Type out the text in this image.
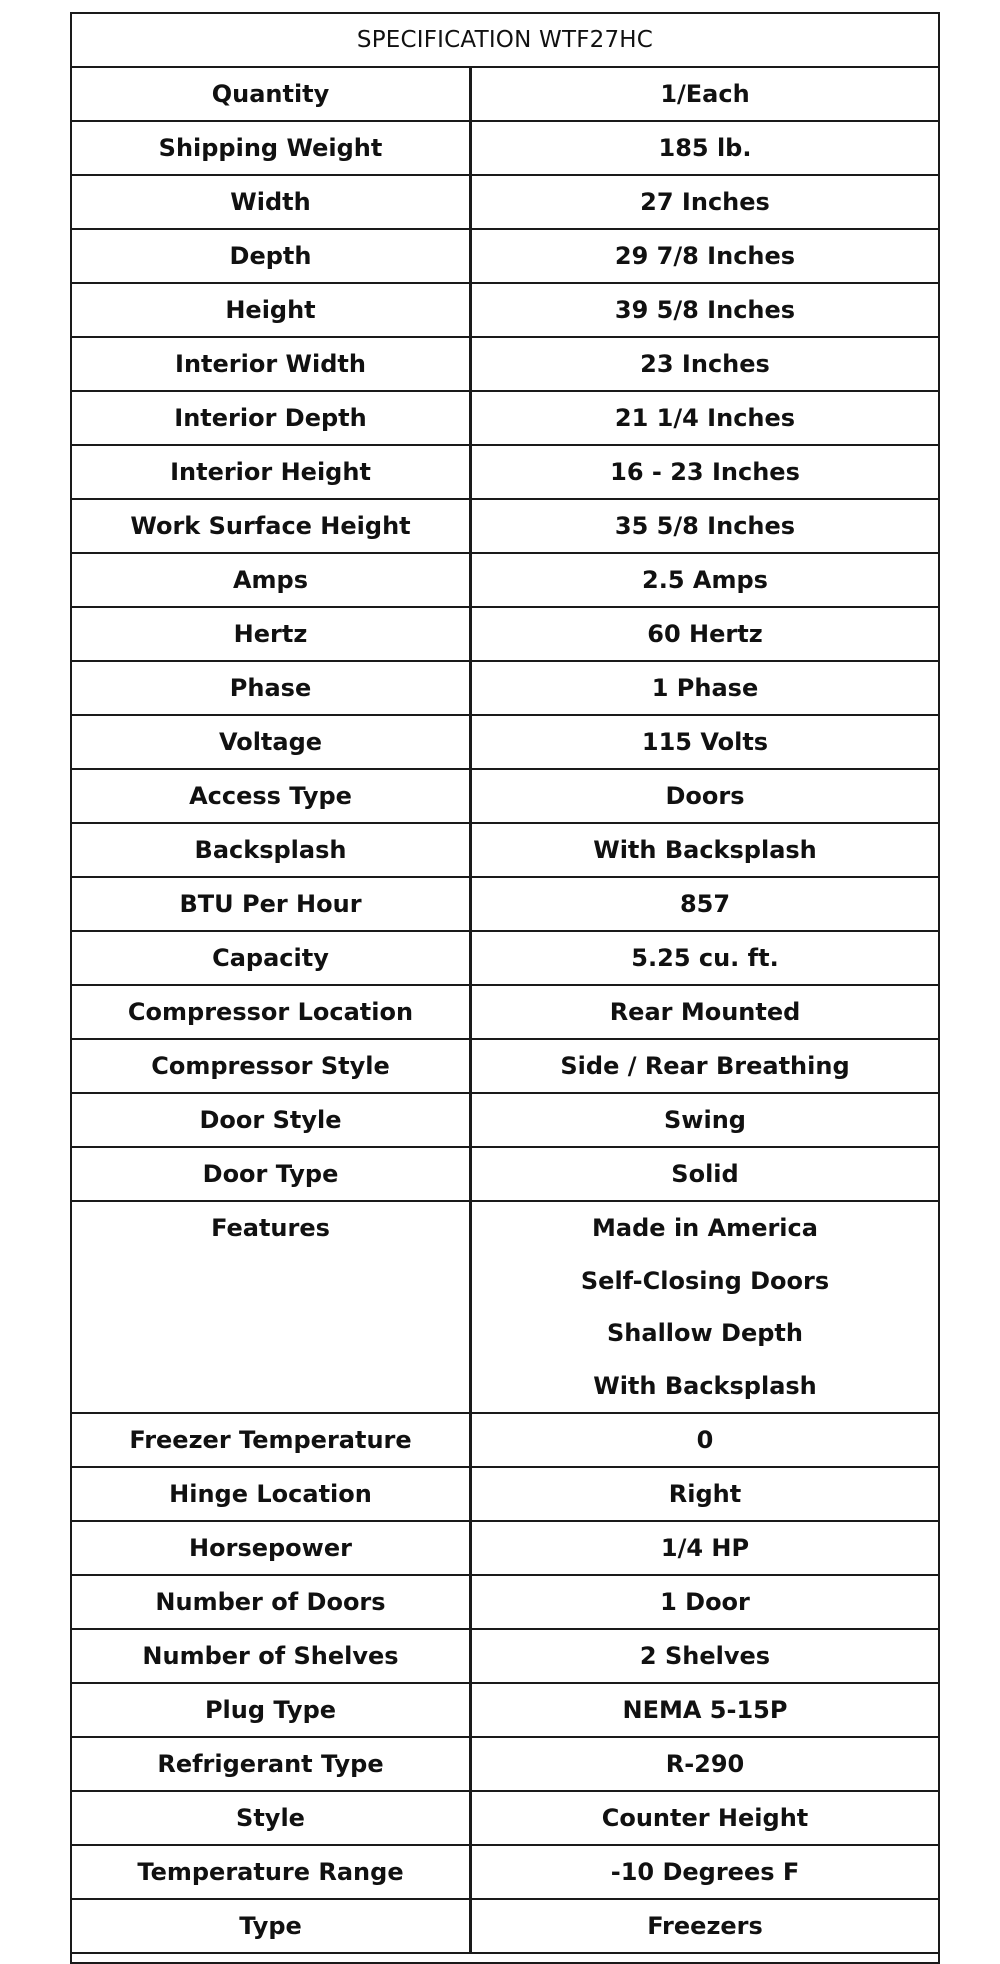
SPECIFICATION WTF27HC
Quantity	1/Each
Shipping Weight	185 lb.
Width	27 Inches
Depth	29 7/8 Inches
Height	39 5/8 Inches
Interior Width	23 Inches
Interior Depth	21 1/4 Inches
Interior Height	16 - 23 Inches
Work Surface Height	35 5/8 Inches
Amps	2.5 Amps
Hertz	60 Hertz
Phase	1 Phase
Voltage	115 Volts
Access Type	Doors
Backsplash	With Backsplash
BTU Per Hour	857
Capacity	5.25 cu. ft.
Compressor Location	Rear Mounted
Compressor Style	Side / Rear Breathing
Door Style	Swing
Door Type	Solid
Features	Made in America
Self-Closing Doors
Shallow Depth
With Backsplash
Freezer Temperature	0
Hinge Location	Right
Horsepower	1/4 HP
Number of Doors	1 Door
Number of Shelves	2 Shelves
Plug Type	NEMA 5-15P
Refrigerant Type	R-290
Style	Counter Height
Temperature Range	-10 Degrees F
Type	Freezers
